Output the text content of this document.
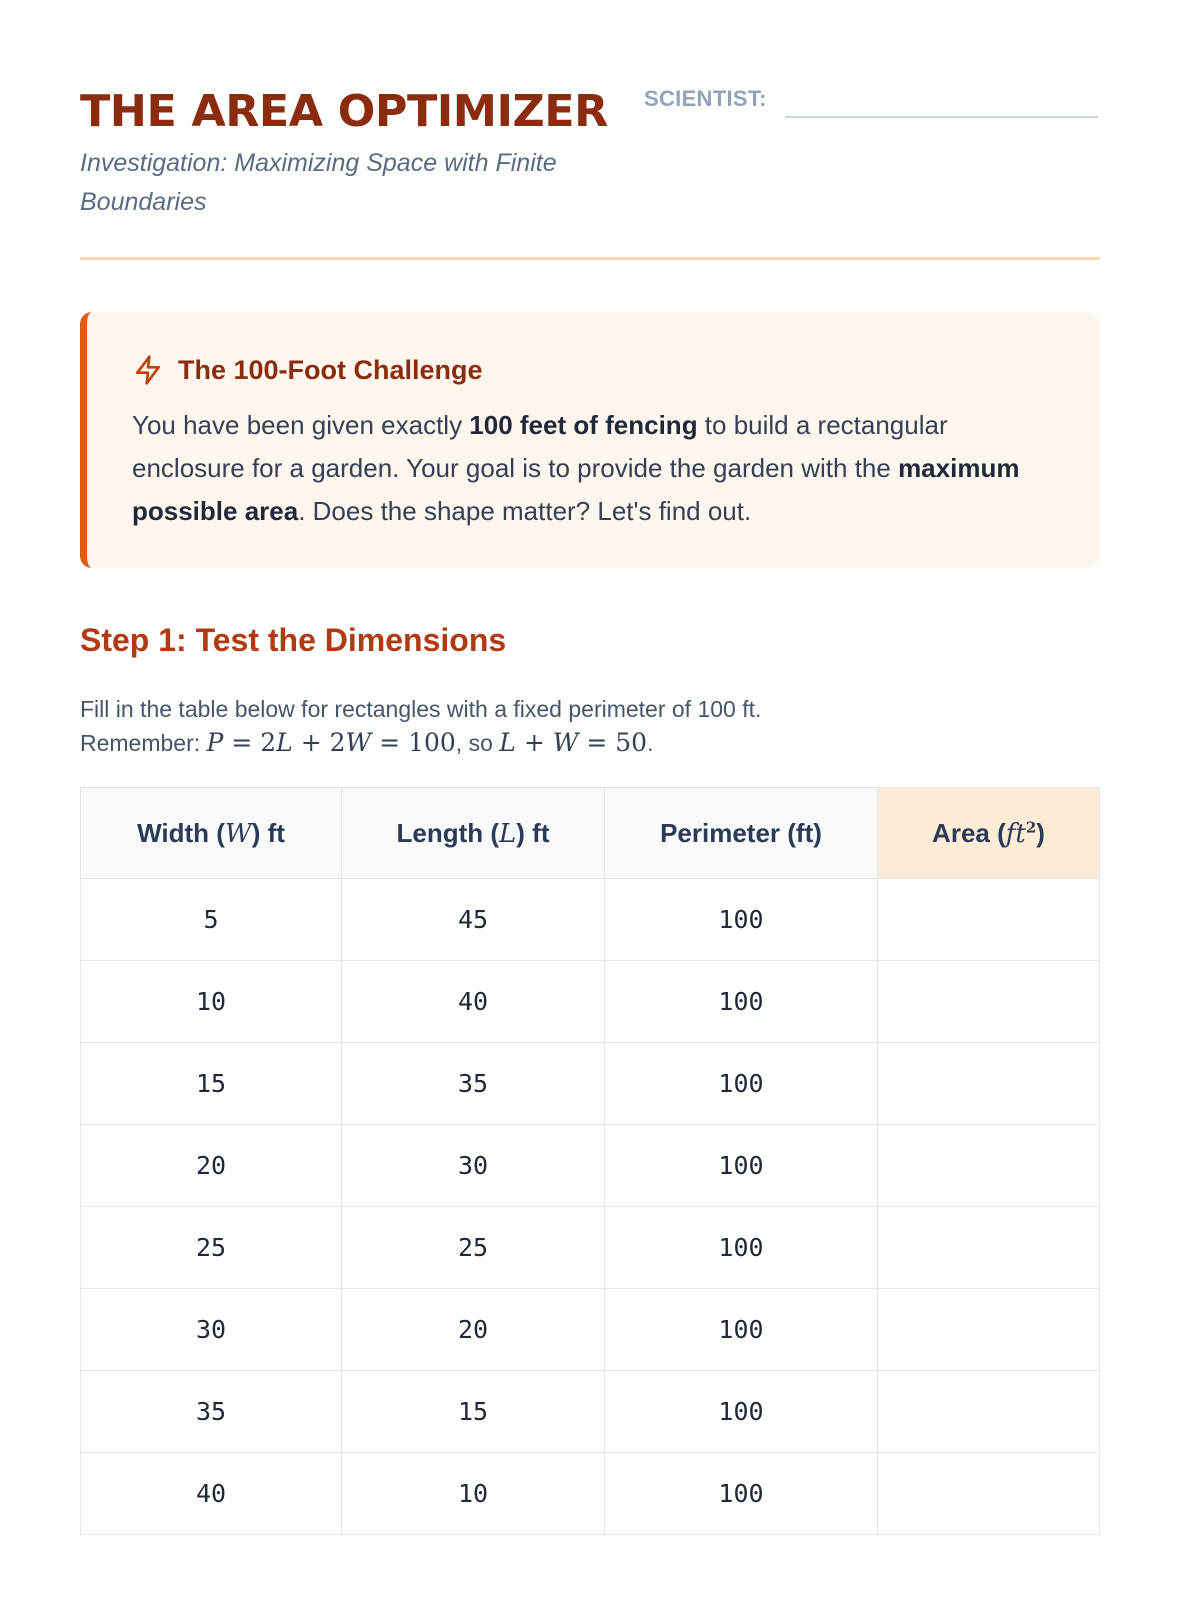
THE AREA OPTIMIZER
Investigation: Maximizing Space with Finite Boundaries
SCIENTIST:
The 100-Foot Challenge
You have been given exactly 100 feet of fencing to build a rectangular enclosure for a garden. Your goal is to provide the garden with the maximum possible area. Does the shape matter? Let's find out.
Step 1: Test the Dimensions
Fill in the table below for rectangles with a fixed perimeter of 100 ft.
Remember: P = 2L + 2W = 100, so L + W = 50.
Width (W) ft	Length (L) ft	Perimeter (ft)	Area $(ft^2)$
5	45	100	
10	40	100	
15	35	100	
20	30	100	
25	25	100	
30	20	100	
35	15	100	
40	10	100	
